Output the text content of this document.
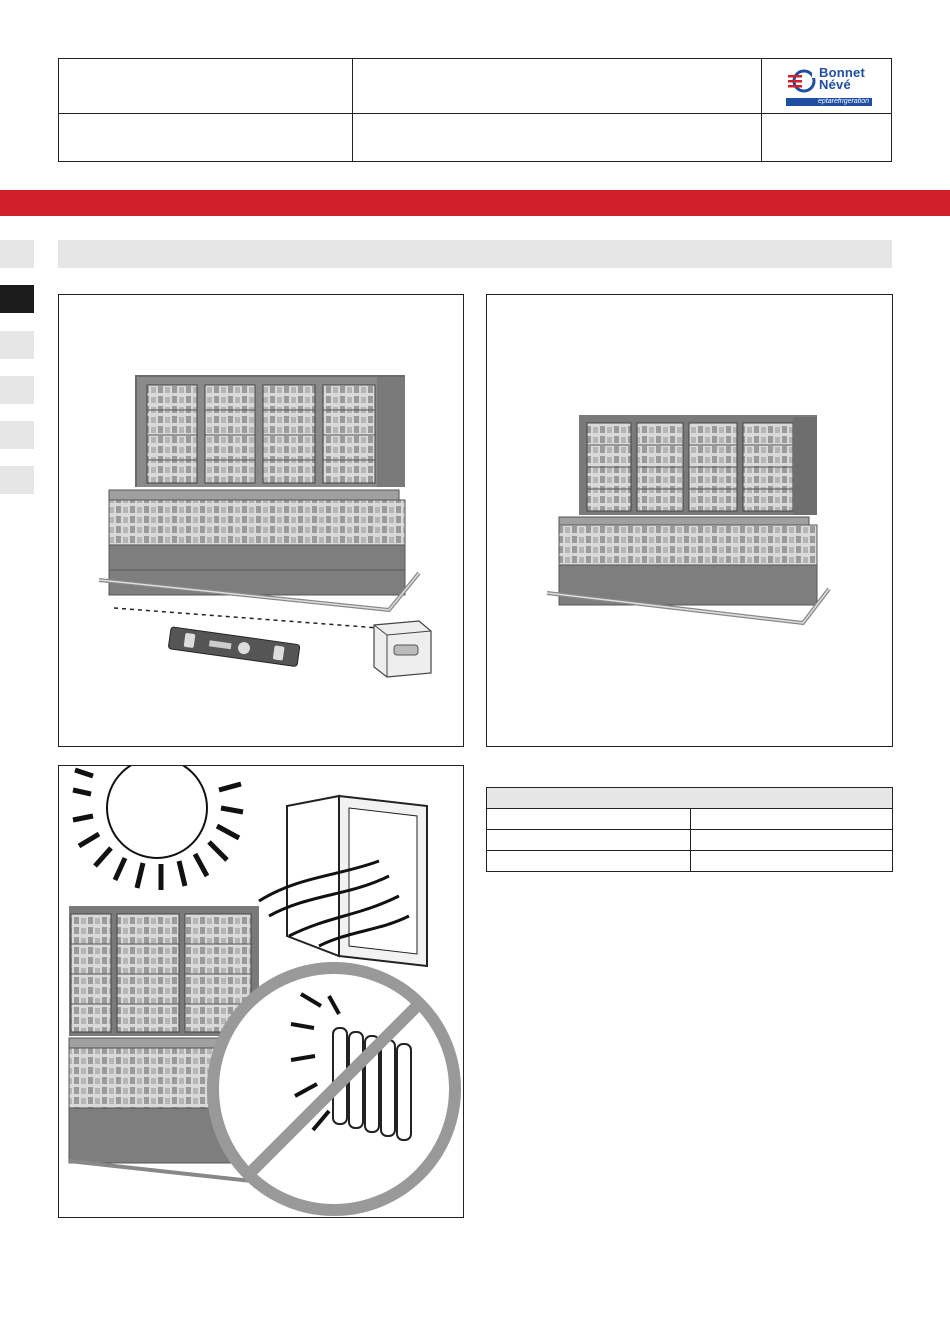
Bonnet
Névé
eptarefrigeration
